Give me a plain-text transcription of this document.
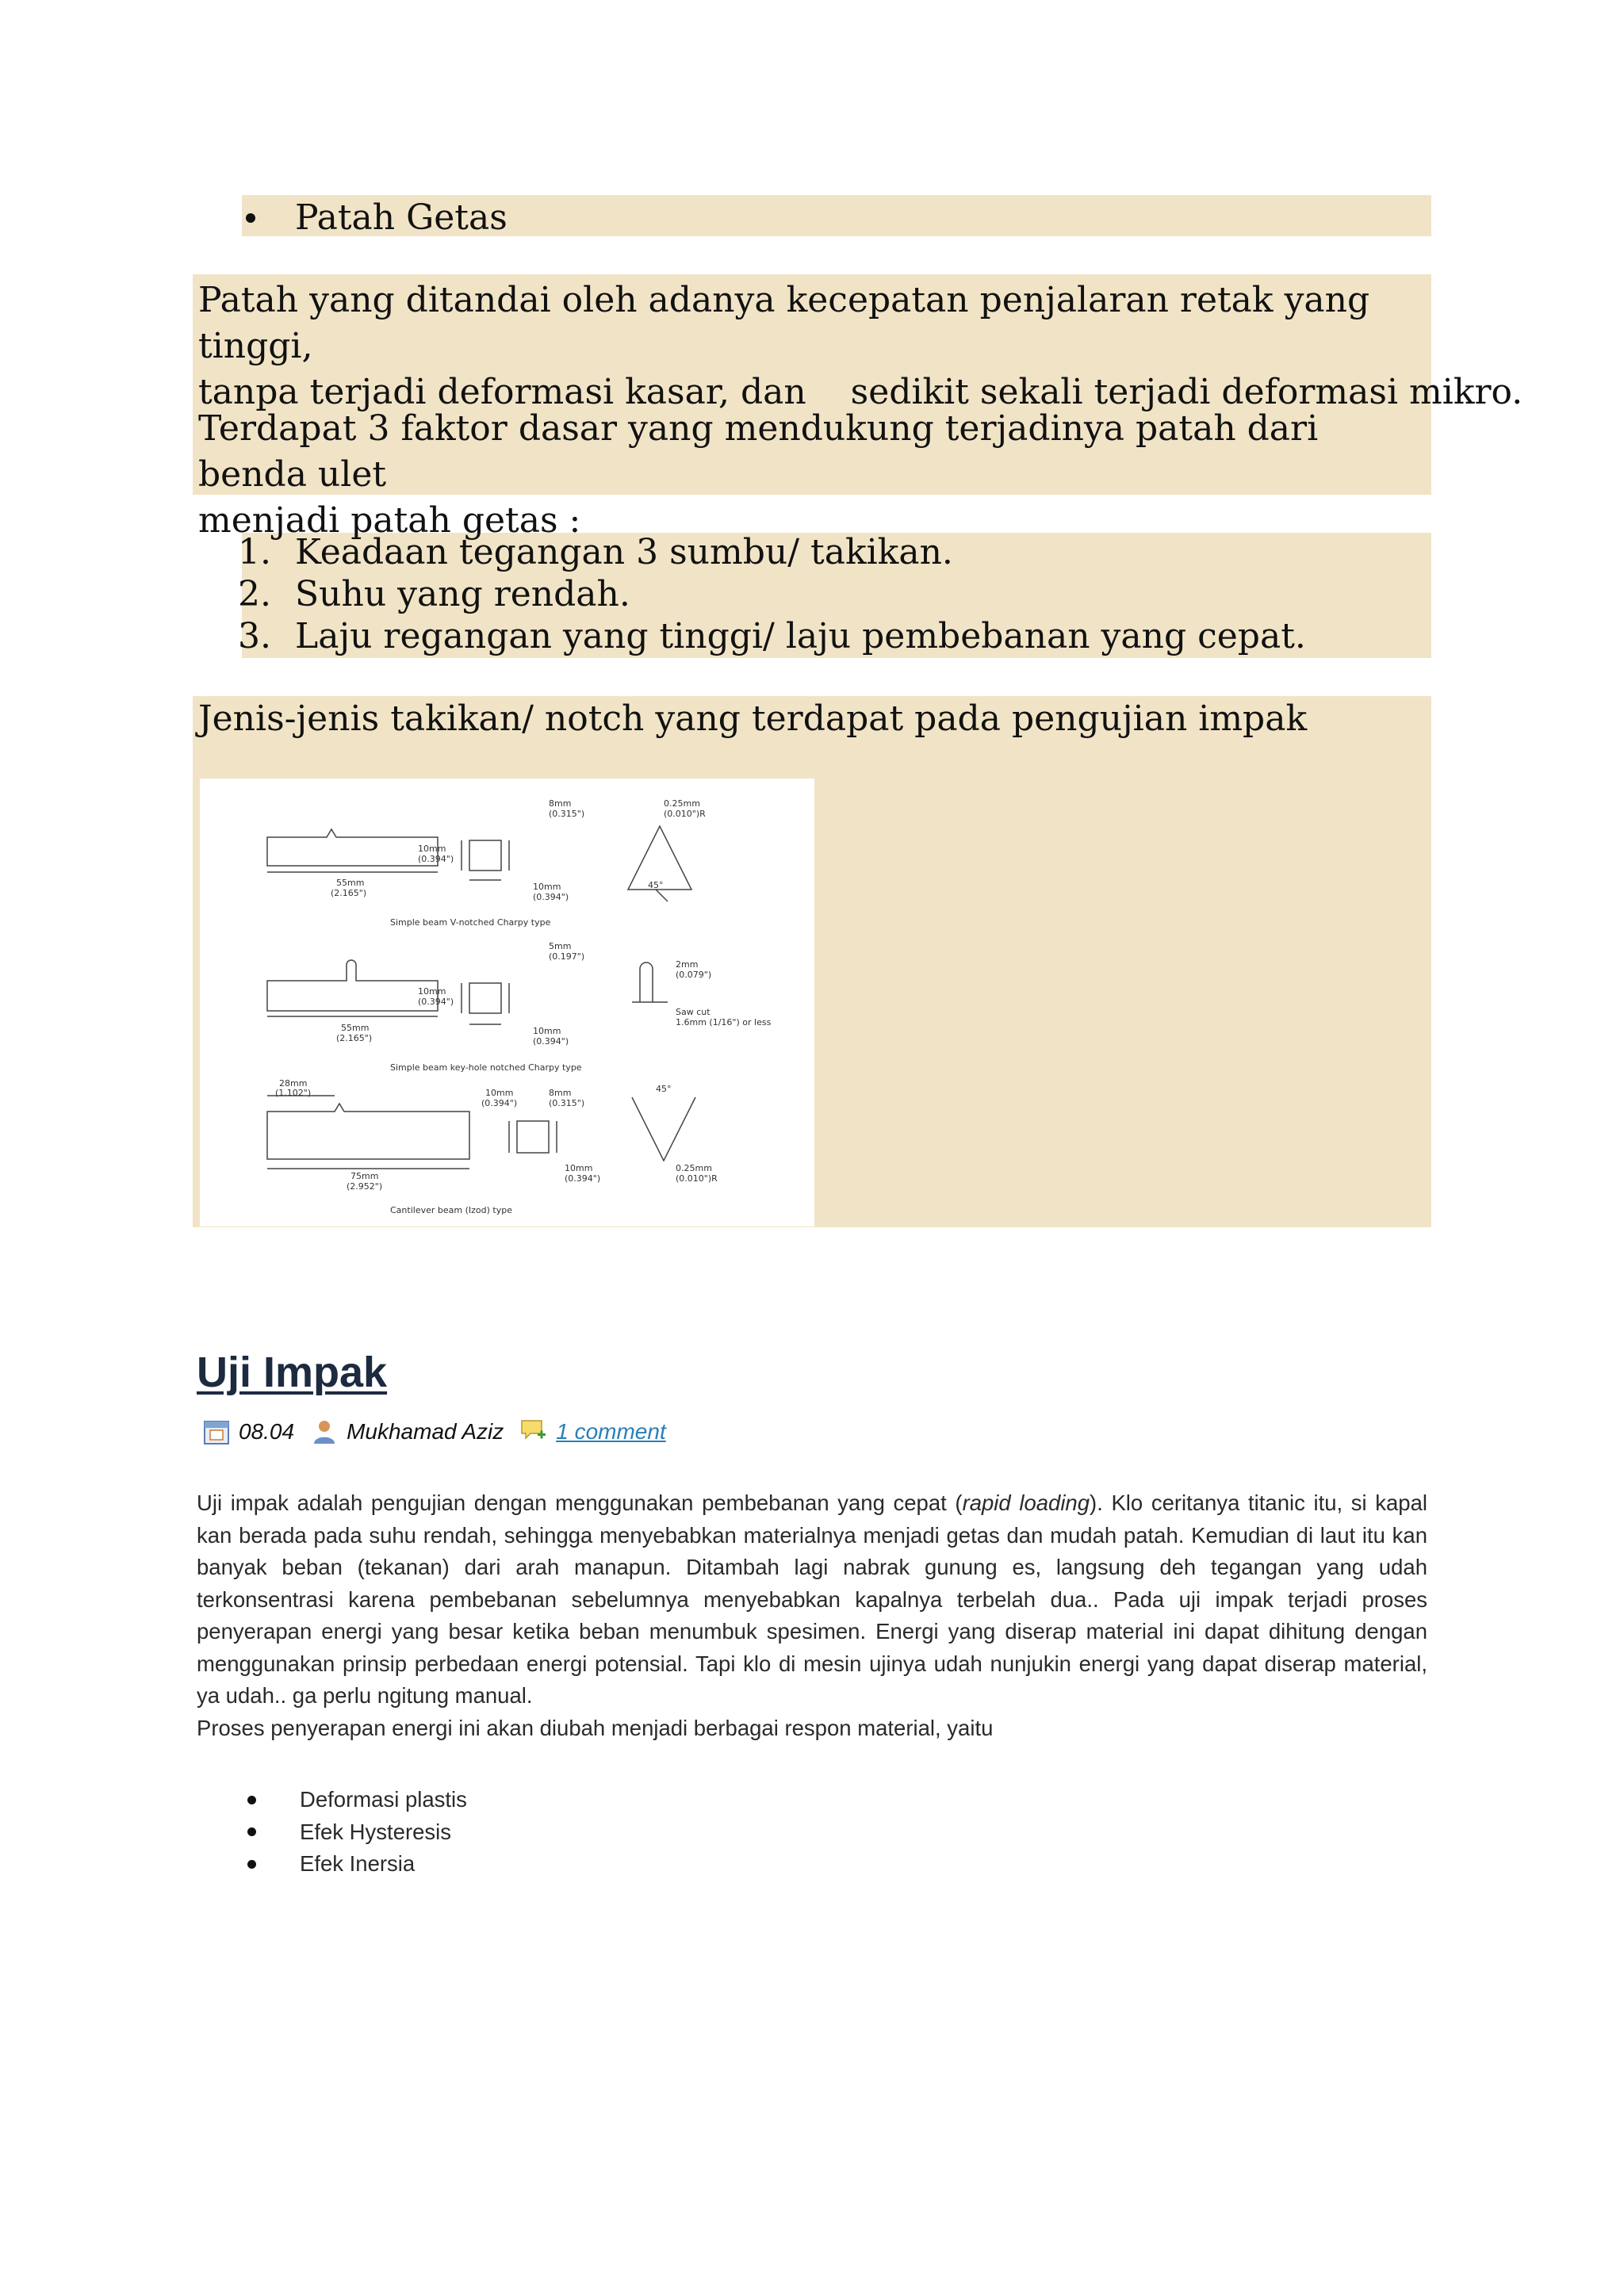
Patah Getas
Patah yang ditandai oleh adanya kecepatan penjalaran retak yang tinggi,
tanpa terjadi deformasi kasar, dan    sedikit sekali terjadi deformasi mikro.
Terdapat 3 faktor dasar yang mendukung terjadinya patah dari benda ulet
menjadi patah getas :
1. Keadaan tegangan 3 sumbu/ takikan.
2. Suhu yang rendah.
3. Laju regangan yang tinggi/ laju pembebanan yang cepat.
Jenis-jenis takikan/ notch yang terdapat pada pengujian impak
8mm
(0.315")
10mm
(0.394")
10mm
(0.394")
55mm
(2.165")
0.25mm
(0.010")R
45°
Simple beam V-notched Charpy type
5mm
(0.197")
10mm
(0.394")
10mm
(0.394")
55mm
(2.165")
2mm
(0.079")
Saw cut
1.6mm (1/16") or less
Simple beam key-hole notched Charpy type
28mm
(1.102")
75mm
(2.952")
10mm
(0.394")
8mm
(0.315")
10mm
(0.394")
45°
0.25mm
(0.010")R
Cantilever beam (Izod) type
Uji Impak
08.04 Mukhamad Aziz 1 comment

Uji impak adalah pengujian dengan menggunakan pembebanan yang cepat (rapid loading). Klo ceritanya titanic itu, si kapal kan berada pada suhu rendah, sehingga menyebabkan materialnya menjadi getas dan mudah patah. Kemudian di laut itu kan banyak beban (tekanan) dari arah manapun. Ditambah lagi nabrak gunung es, langsung deh tegangan yang udah terkonsentrasi karena pembebanan sebelumnya menyebabkan kapalnya terbelah dua.. Pada uji impak terjadi proses penyerapan energi yang besar ketika beban menumbuk spesimen. Energi yang diserap material ini dapat dihitung dengan menggunakan prinsip perbedaan energi potensial. Tapi klo di mesin ujinya udah nunjukin energi yang dapat diserap material, ya udah.. ga perlu ngitung manual.

Proses penyerapan energi ini akan diubah menjadi berbagai respon material, yaitu

Deformasi plastis
Efek Hysteresis
Efek Inersia
